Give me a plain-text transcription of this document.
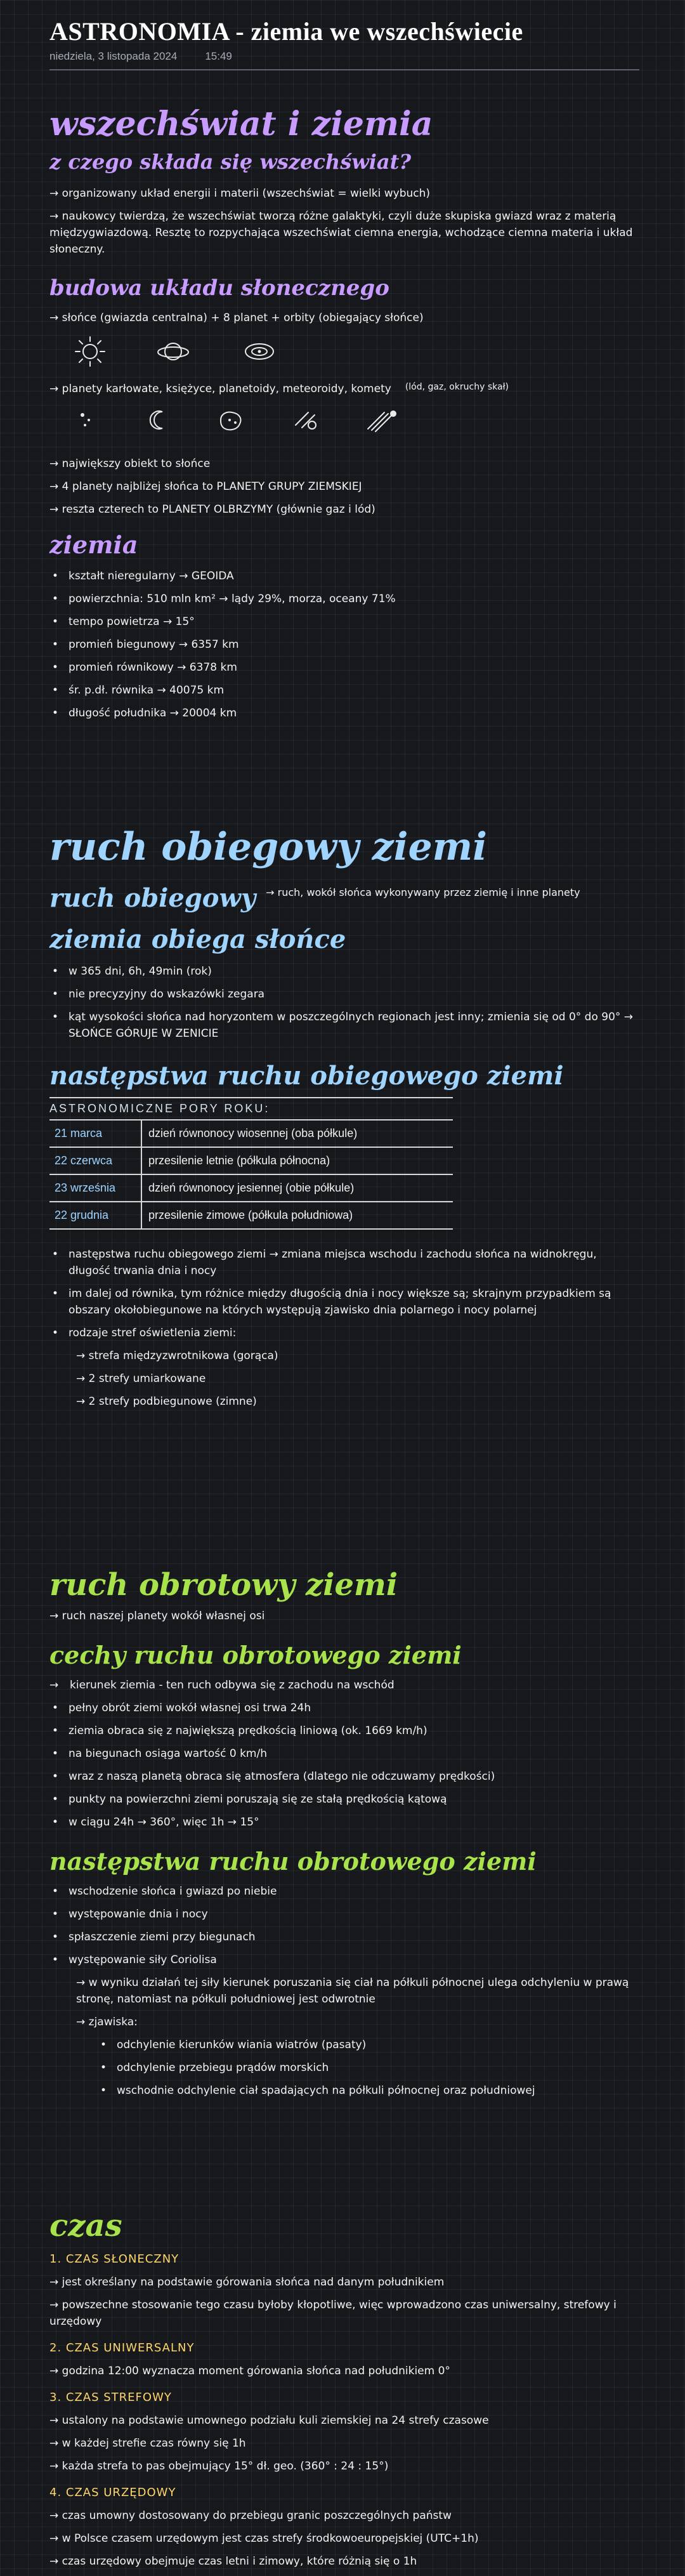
ASTRONOMIA - ziemia we wszechświecie
niedziela, 3 listopada 2024	15:49
wszechświat i ziemia
z czego składa się wszechświat?
→ organizowany układ energii i materii (wszechświat = wielki wybuch)
→ naukowcy twierdzą, że wszechświat tworzą różne galaktyki, czyli duże skupiska gwiazd wraz z materią międzygwiazdową. Resztę to rozpychająca wszechświat ciemna energia, wchodzące ciemna materia i układ słoneczny.
budowa układu słonecznego
→ słońce (gwiazda centralna) + 8 planet + orbity (obiegający słońce)
→ planety karłowate, księżyce, planetoidy, meteoroidy, komety (lód, gaz, okruchy skał)
→ największy obiekt to słońce
→ 4 planety najbliżej słońca to PLANETY GRUPY ZIEMSKIEJ
→ reszta czterech to PLANETY OLBRZYMY (głównie gaz i lód)
ziemia
• kształt nieregularny → GEOIDA
• powierzchnia: 510 mln km² → lądy 29%, morza, oceany 71%
• tempo powietrza → 15°
• promień biegunowy → 6357 km
• promień równikowy → 6378 km
• śr. p.dł. równika → 40075 km
• długość południka → 20004 km
ruch obiegowy ziemi
ruch obiegowy → ruch, wokół słońca wykonywany przez ziemię i inne planety
ziemia obiega słońce
• w 365 dni, 6h, 49min (rok)
• nie precyzyjny do wskazówki zegara
• kąt wysokości słońca nad horyzontem w poszczególnych regionach jest inny; zmienia się od 0° do 90° → SŁOŃCE GÓRUJE W ZENICIE
następstwa ruchu obiegowego ziemi
ASTRONOMICZNE PORY ROKU:
21 marca	dzień równonocy wiosennej (oba półkule)
22 czerwca	przesilenie letnie (półkula północna)
23 września	dzień równonocy jesiennej (obie półkule)
22 grudnia	przesilenie zimowe (półkula południowa)
• następstwa ruchu obiegowego ziemi → zmiana miejsca wschodu i zachodu słońca na widnokręgu, długość trwania dnia i nocy
• im dalej od równika, tym różnice między długością dnia i nocy większe są; skrajnym przypadkiem są obszary okołobiegunowe na których występują zjawisko dnia polarnego i nocy polarnej
• rodzaje stref oświetlenia ziemi:
→ strefa międzyzwrotnikowa (gorąca)
→ 2 strefy umiarkowane
→ 2 strefy podbiegunowe (zimne)
ruch obrotowy ziemi
→ ruch naszej planety wokół własnej osi
cechy ruchu obrotowego ziemi
→	kierunek ziemia - ten ruch odbywa się z zachodu na wschód
• pełny obrót ziemi wokół własnej osi trwa 24h
• ziemia obraca się z największą prędkością liniową (ok. 1669 km/h)
• na biegunach osiąga wartość 0 km/h
• wraz z naszą planetą obraca się atmosfera (dlatego nie odczuwamy prędkości)
• punkty na powierzchni ziemi poruszają się ze stałą prędkością kątową
• w ciągu 24h → 360°, więc 1h → 15°
następstwa ruchu obrotowego ziemi
• wschodzenie słońca i gwiazd po niebie
• występowanie dnia i nocy
• spłaszczenie ziemi przy biegunach
• występowanie siły Coriolisa
→ w wyniku działań tej siły kierunek poruszania się ciał na półkuli północnej ulega odchyleniu w prawą stronę, natomiast na półkuli południowej jest odwrotnie
→ zjawiska:
• odchylenie kierunków wiania wiatrów (pasaty)
• odchylenie przebiegu prądów morskich
• wschodnie odchylenie ciał spadających na półkuli północnej oraz południowej
czas
1. CZAS SŁONECZNY
→ jest określany na podstawie górowania słońca nad danym południkiem
→ powszechne stosowanie tego czasu byłoby kłopotliwe, więc wprowadzono czas uniwersalny, strefowy i urzędowy
2. CZAS UNIWERSALNY
→ godzina 12:00 wyznacza moment górowania słońca nad południkiem 0°
3. CZAS STREFOWY
→ ustalony na podstawie umownego podziału kuli ziemskiej na 24 strefy czasowe
→ w każdej strefie czas równy się 1h
→ każda strefa to pas obejmujący 15° dł. geo. (360° : 24 : 15°)
4. CZAS URZĘDOWY
→ czas umowny dostosowany do przebiegu granic poszczególnych państw
→ w Polsce czasem urzędowym jest czas strefy środkowoeuropejskiej (UTC+1h)
→ czas urzędowy obejmuje czas letni i zimowy, które różnią się o 1h
